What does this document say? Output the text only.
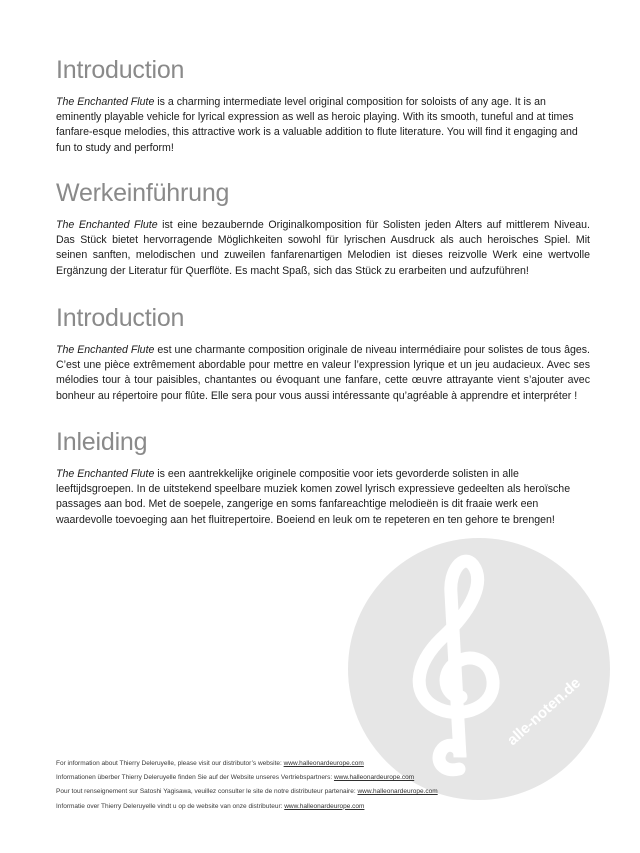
Introduction

The Enchanted Flute is a charming intermediate level original composition for soloists of any age. It is an eminently playable vehicle for lyrical expression as well as heroic playing. With its smooth, tuneful and at times fanfare-esque melodies, this attractive work is a valuable addition to flute literature. You will find it engaging and fun to study and perform!

Werkeinführung

The Enchanted Flute ist eine bezaubernde Originalkomposition für Solisten jeden Alters auf mittlerem Niveau. Das Stück bietet hervorragende Möglichkeiten sowohl für lyrischen Ausdruck als auch heroisches Spiel. Mit seinen sanften, melodischen und zuweilen fanfarenartigen Melodien ist dieses reizvolle Werk eine wertvolle Ergänzung der Literatur für Querflöte. Es macht Spaß, sich das Stück zu erarbeiten und aufzuführen!

Introduction

The Enchanted Flute est une charmante composition originale de niveau intermédiaire pour solistes de tous âges. C’est une pièce extrêmement abordable pour mettre en valeur l’expression lyrique et un jeu audacieux. Avec ses mélodies tour à tour paisibles, chantantes ou évoquant une fanfare, cette œuvre attrayante vient s’ajouter avec bonheur au répertoire pour flûte. Elle sera pour vous aussi intéressante qu’agréable à apprendre et interpréter !

Inleiding

The Enchanted Flute is een aantrekkelijke originele compositie voor iets gevorderde solisten in alle leeftijdsgroepen. In de uitstekend speelbare muziek komen zowel lyrisch expressieve gedeelten als heroïsche passages aan bod. Met de soepele, zangerige en soms fanfareachtige melodieën is dit fraaie werk een waardevolle toevoeging aan het fluitrepertoire. Boeiend en leuk om te repeteren en ten gehore te brengen!

alle-noten.de
For information about Thierry Deleruyelle, please visit our distributor’s website: www.halleonardeurope.com
Informationen überber Thierry Deleruyelle finden Sie auf der Website unseres Vertriebspartners: www.halleonardeurope.com
Pour tout renseignement sur Satoshi Yagisawa, veuillez consulter le site de notre distributeur partenaire: www.halleonardeurope.com
Informatie over Thierry Deleruyelle vindt u op de website van onze distributeur: www.halleonardeurope.com
